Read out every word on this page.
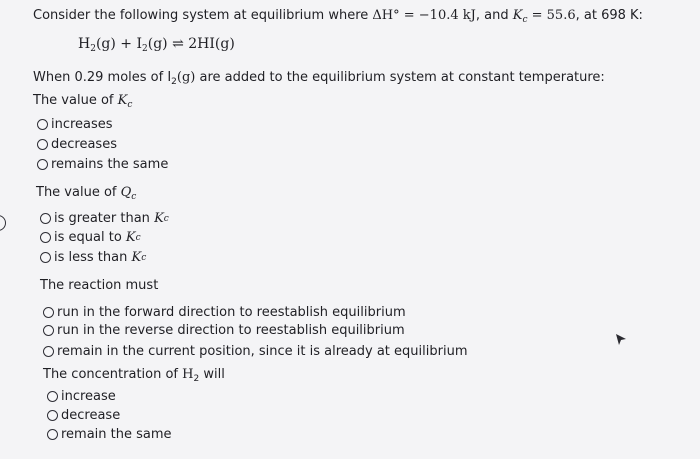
Consider the following system at equilibrium where ΔH° = −10.4 kJ, and $K_c = 55.6$, at 698 K:
$H_2(g) + I_2(g)$ ⇌ 2HI(g)
When 0.29 moles of $I_2(g)$ are added to the equilibrium system at constant temperature:
The value of $K_c$
increases
decreases
remains the same
The value of $Q_c$
is greater than
K c
is equal to
K c
is less than
K c
The reaction must
run in the forward direction to reestablish equilibrium
run in the reverse direction to reestablish equilibrium
remain in the current position, since it is already at equilibrium
The concentration of $H_2$ will
increase
decrease
remain the same
